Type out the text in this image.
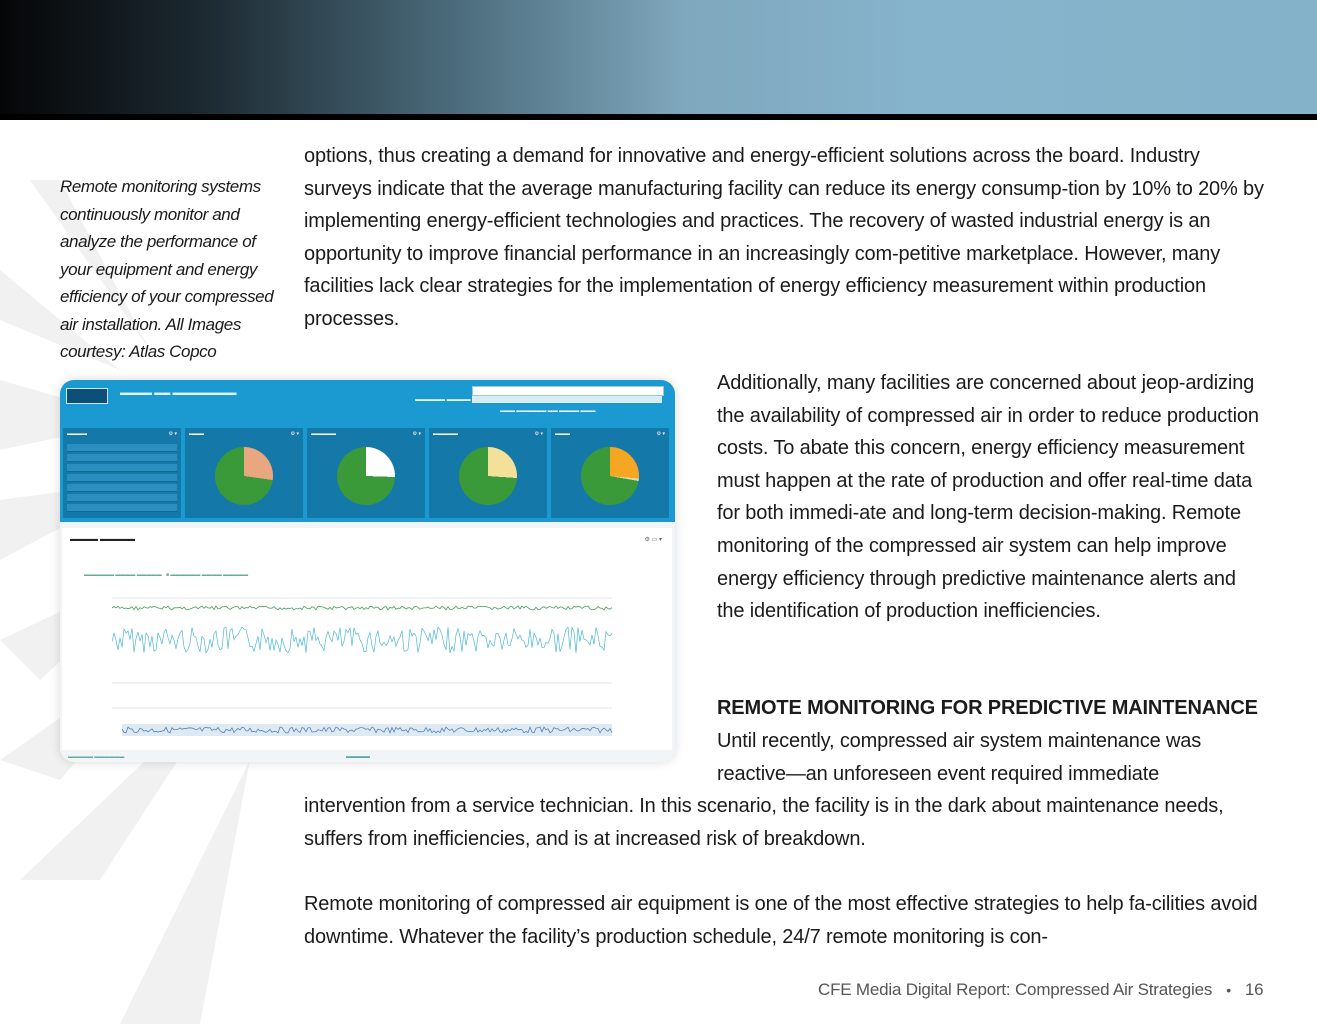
Remote monitoring systems continuously monitor and analyze the performance of your equipment and energy efficiency of your compressed air installation. All Images courtesy: Atlas Copco
▬▬▬▬ ▬▬ ▬▬▬▬▬▬▬▬
▬▬▬▬▬ ▬▬▬▬
▬▬▬ ▬▬▬▬▬▬ ▬▬ ▬▬▬▬ ▬▬▬
▬▬▬▬	⚙ ▾ ▬▬▬	⚙ ▾ ▬▬▬▬▬	⚙ ▾ ▬▬▬▬▬	⚙ ▾ ▬▬▬	⚙ ▾
▬▬▬▬ ▬▬▬▬▬	⚙ ▭ ▾
▬▬▬▬▬▬ ▬▬▬▬ ▬▬▬▬▬   ■ ▬▬▬▬▬▬ ▬▬▬▬ ▬▬▬▬▬
▬▬▬▬▬ ▬▬▬▬▬▬	▬▬▬▬
options, thus creating a demand for innovative and energy-efficient solutions across the board. Industry surveys indicate that the average manufacturing facility can reduce its energy consump-tion by 10% to 20% by implementing energy-efficient technologies and practices. The recovery of wasted industrial energy is an opportunity to improve financial performance in an increasingly com-petitive marketplace. However, many facilities lack clear strategies for the implementation of energy efficiency measurement within production processes.
Additionally, many facilities are concerned about jeop-ardizing the availability of compressed air in order to reduce production costs. To abate this concern, energy efficiency measurement must happen at the rate of production and offer real-time data for both immedi-ate and long-term decision-making. Remote monitoring of the compressed air system can help improve energy efficiency through predictive maintenance alerts and the identification of production inefficiencies.
REMOTE MONITORING FOR PREDICTIVE MAINTENANCE
Until recently, compressed air system maintenance was reactive—an unforeseen event required immediate
intervention from a service technician. In this scenario, the facility is in the dark about maintenance needs, suffers from inefficiencies, and is at increased risk of breakdown.
Remote monitoring of compressed air equipment is one of the most effective strategies to help fa-cilities avoid downtime. Whatever the facility’s production schedule, 24/7 remote monitoring is con-
CFE Media Digital Report: Compressed Air Strategies • 16
